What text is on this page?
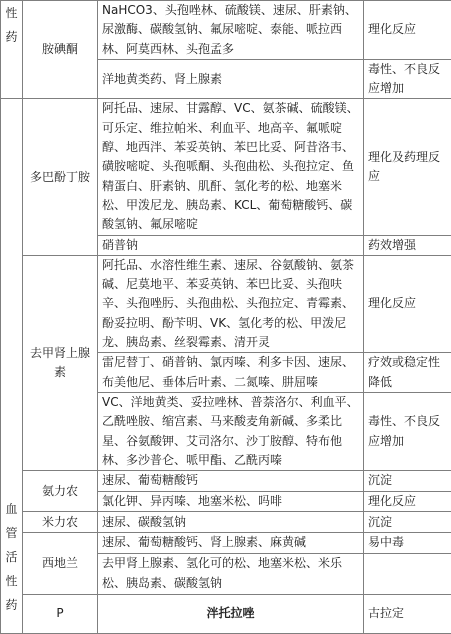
性药	胺碘酮	NaHCO3、头孢唑林、硫酸镁、速尿、肝素钠、尿激酶、碳酸氢钠、氟尿嘧啶、泰能、哌拉西林、阿莫西林、头孢孟多	理化反应	
		洋地黄类药、肾上腺素	毒性、不良反应增加	
血管活性药	多巴酚丁胺	阿托品、速尿、甘露醇、VC、氨茶碱、硫酸镁、可乐定、维拉帕米、利血平、地高辛、氟哌啶醇、地西泮、苯妥英钠、苯巴比妥、阿昔洛韦、磺胺嘧啶、头孢哌酮、头孢曲松、头孢拉定、鱼精蛋白、肝素钠、肌酐、氢化考的松、地塞米松、甲泼尼龙、胰岛素、KCL、葡萄糖酸钙、碳酸氢钠、氟尿嘧啶	理化及药理反应	
		硝普钠	药效增强	
	去甲肾上腺素	阿托品、水溶性维生素、速尿、谷氨酸钠、氨茶碱、尼莫地平、苯妥英钠、苯巴比妥、头孢呋辛、头孢唑肟、头孢曲松、头孢拉定、青霉素、酚妥拉明、酚苄明、VK、氢化考的松、甲泼尼龙、胰岛素、丝裂霉素、清开灵	理化反应	
		雷尼替丁、硝普钠、氯丙嗪、利多卡因、速尿、布美他尼、垂体后叶素、二氮嗪、肼屈嗪	疗效或稳定性降低	
		VC、洋地黄类、妥拉唑林、普萘洛尔、利血平、乙酰唑胺、缩宫素、马来酸麦角新碱、多柔比星、谷氨酸钾、艾司洛尔、沙丁胺醇、特布他林、多沙普仑、哌甲酯、乙酰丙嗪	毒性、不良反应增加	
	氨力农	速尿、葡萄糖酸钙	沉淀	
		氯化钾、异丙嗪、地塞米松、吗啡	理化反应	
	米力农	速尿、碳酸氢钠	沉淀	
	西地兰	速尿、葡萄糖酸钙、肾上腺素、麻黄碱	易中毒	
		去甲肾上腺素、氢化可的松、地塞米松、米乐松、胰岛素、碳酸氢钠		
	P	泮托拉唑	古拉定	
